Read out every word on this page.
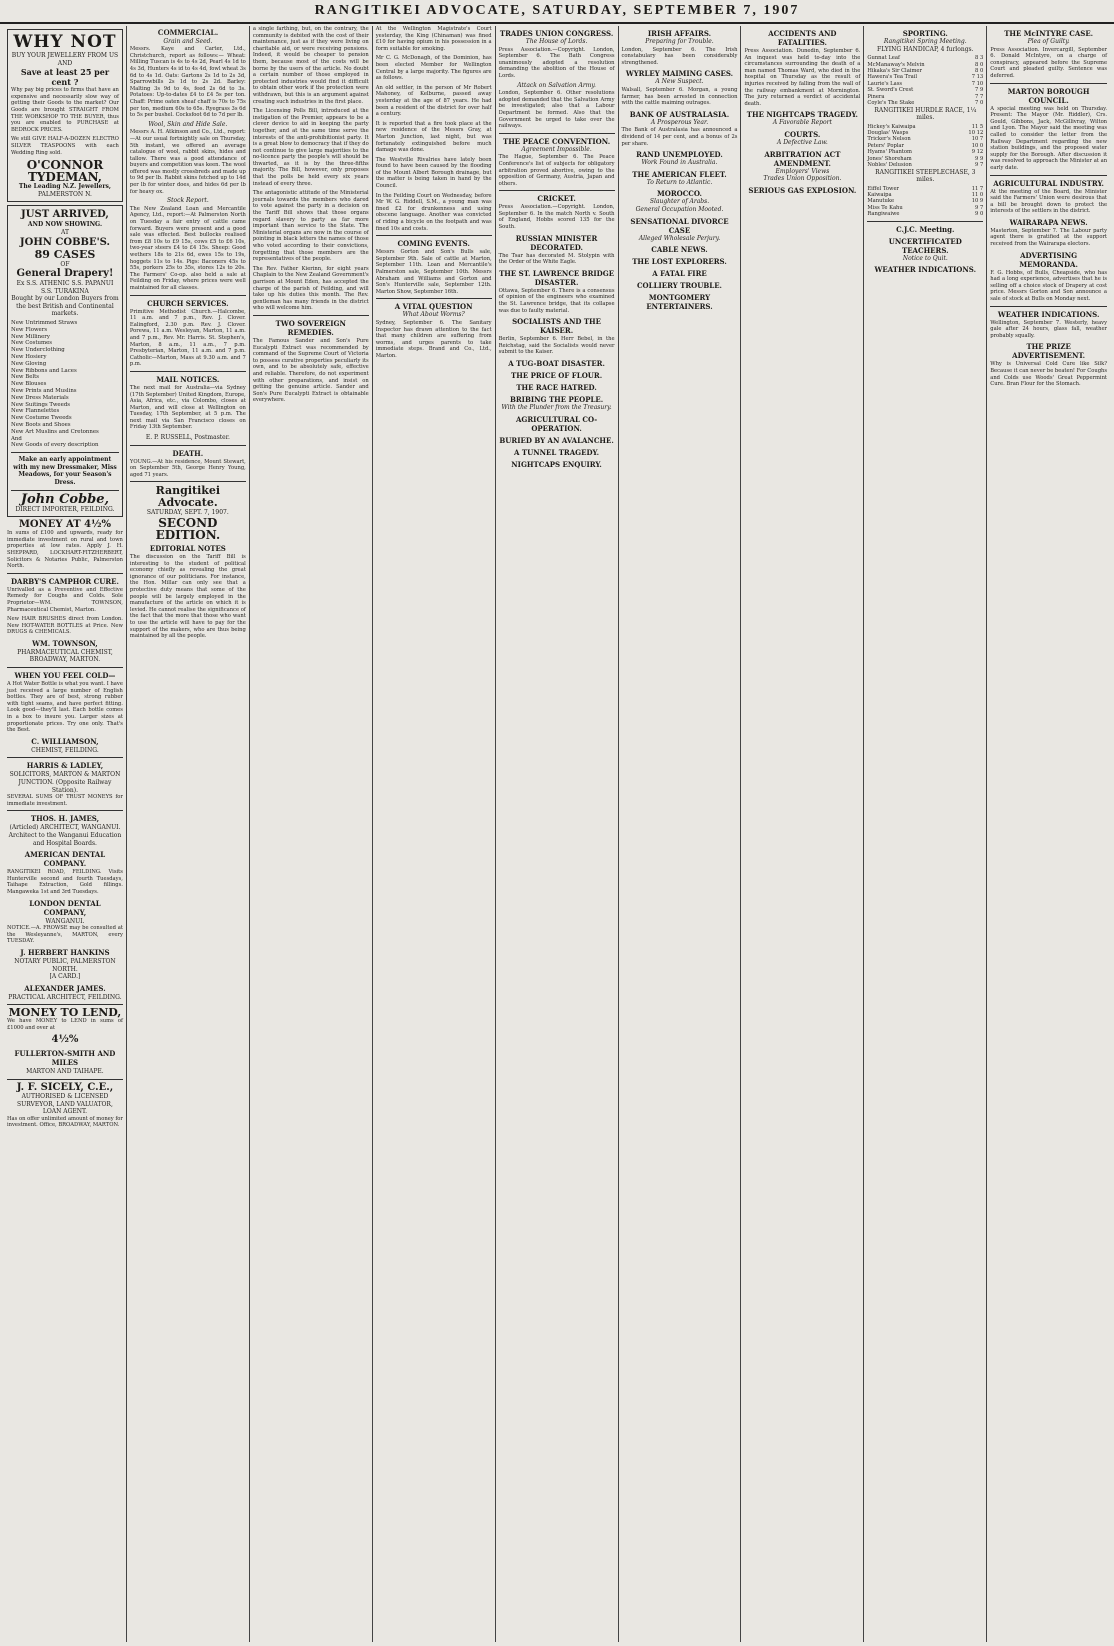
RANGITIKEI ADVOCATE, SATURDAY, SEPTEMBER 7, 1907
WHY NOT
BUY YOUR JEWELLERY FROM US AND
Save at least 25 per cent ?
Why pay big prices to firms that have an expensive and necessarily slow way of getting their Goods to the market? Our Goods are brought STRAIGHT FROM THE WORKSHOP TO THE BUYER, thus you are enabled to PURCHASE at BEDROCK PRICES.
We still GIVE HALF-A-DOZEN ELECTRO SILVER TEASPOONS with each Wedding Ring sold.
O'CONNOR
TYDEMAN,
The Leading N.Z. Jewellers,
PALMERSTON N.
JUST ARRIVED,
AND NOW SHOWING.
AT
JOHN COBBE'S.
89 CASES
OF
General Drapery!
Ex S.S. ATHENIC S.S. PAPANUI S.S. TURAKINA
Bought by our London Buyers from the best British and Continental markets.
New Untrimmed Straws
New Flowers
New Millinery
New Costumes
New Underclothing
New Hosiery
New Gloving
New Ribbons and Laces
New Belts
New Blouses
New Prints and Muslins
New Dress Materials
New Suitings Tweeds
New Flannelettes
New Costume Tweeds
New Boots and Shoes
New Art Muslins and Cretonnes
And
New Goods of every description
Make an early appointment with my new Dressmaker, Miss Meadows, for your Season's Dress.
John Cobbe,
DIRECT IMPORTER, FEILDING.
MONEY AT 4½%
In sums of £100 and upwards, ready for immediate investment on rural and town properties at low rates. Apply J. H. SHEPPARD, LOCKHART-FITZHERBERT, Solicitors & Notaries Public, Palmerston North.
DARBY'S CAMPHOR CURE.
Unrivalled as a Preventive and Effective Remedy for Coughs and Colds. Sole Proprietor—WM. TOWNSON, Pharmaceutical Chemist, Marton.
New HAIR BRUSHES direct from London. New HOT-WATER BOTTLES at Price. New DRUGS & CHEMICALS.
WM. TOWNSON,
PHARMACEUTICAL CHEMIST, BROADWAY, MARTON.
WHEN YOU FEEL COLD—
A Hot Water Bottle is what you want. I have just received a large number of English bottles. They are of best, strong rubber with tight seams, and have perfect fitting. Look good—they'll last. Each bottle comes in a box to insure you. Larger sizes at proportionate prices. Try one only. That's the Best.
C. WILLIAMSON,
CHEMIST, FEILDING.
HARRIS & LADLEY,
SOLICITORS, MARTON & MARTON JUNCTION. (Opposite Railway Station).
SEVERAL SUMS OF TRUST MONEYS for immediate investment.
THOS. H. JAMES,
(Articled) ARCHITECT, WANGANUI. Architect to the Wanganui Education and Hospital Boards.
AMERICAN DENTAL COMPANY.
RANGITIKEI ROAD, FEILDING. Visits Hunterville second and fourth Tuesdays, Taihape Extraction, Gold fillings. Mangaweka 1st and 3rd Tuesdays.
LONDON DENTAL COMPANY,
WANGANUI.
NOTICE.—A. FROWSE may be consulted at the Wesleyanne's, MARTON, every TUESDAY.
J. HERBERT HANKINS
NOTARY PUBLIC, PALMERSTON NORTH.
[A CARD.]
ALEXANDER JAMES.
PRACTICAL ARCHITECT, FEILDING.
MONEY TO LEND,
We have MONEY to LEND in sums of £1000 and over at
4½%
FULLERTON-SMITH AND MILES
MARTON AND TAIHAPE.
J. F. SICELY, C.E.,
AUTHORISED & LICENSED SURVEYOR, LAND VALUATOR, LOAN AGENT.
Has on offer unlimited amount of money for investment. Office, BROADWAY, MARTON.
COMMERCIAL.
Grain and Seed.
Messrs. Kaye and Carter, Ltd., Christchurch, report as follows:— Wheat: Milling Tuscan is 4s to 4s 2d, Pearl 4s 1d to 4s 3d, Hunters 4s id to 4s 4d, fowl wheat 3s 6d to 4s 1d. Oats: Gartons 2s 1d to 2s 3d, Sparrowbills 2s 1d to 2s 2d. Barley: Malting 3s 9d to 4s, feed 2s 6d to 3s. Potatoes: Up-to-dates £4 to £4 5s per ton. Chaff: Prime oaten sheaf chaff is 70s to 75s per ton, medium 60s to 65s. Ryegrass 3s 6d to 5s per bushel. Cocksfoot 6d to 7d per lb.
Wool, Skin and Hide Sale.
Messrs A. H. Atkinson and Co., Ltd., report:—At our usual fortnightly sale on Thursday, 5th instant, we offered an average catalogue of wool, rabbit skins, hides and tallow. There was a good attendance of buyers and competition was keen. The wool offered was mostly crossbreds and made up to 9d per lb. Rabbit skins fetched up to 14d per lb for winter does, and hides 6d per lb for heavy ox.
Stock Report.
The New Zealand Loan and Mercantile Agency, Ltd., report:—At Palmerston North on Tuesday a fair entry of cattle came forward. Buyers were present and a good sale was effected. Best bullocks realised from £8 10s to £9 15s, cows £5 to £6 10s, two-year steers £4 to £4 15s. Sheep: Good wethers 18s to 21s 6d, ewes 15s to 19s, hoggets 11s to 14s. Pigs: Baconers 45s to 55s, porkers 25s to 35s, stores 12s to 20s. The Farmers' Co-op. also held a sale at Feilding on Friday, where prices were well maintained for all classes.
CHURCH SERVICES.
Primitive Methodist Church.—Halcombe, 11 a.m. and 7 p.m., Rev. J. Clover. Ealingford, 2.30 p.m. Rev. J. Clover. Porewa, 11 a.m. Wesleyan, Marton, 11 a.m. and 7 p.m., Rev. Mr. Harris. St. Stephen's, Marton, 8 a.m., 11 a.m., 7 p.m. Presbyterian, Marton, 11 a.m. and 7 p.m. Catholic—Marton, Mass at 9.30 a.m. and 7 p.m.
MAIL NOTICES.
The next mail for Australia—via Sydney (17th September) United Kingdom, Europe, Asia, Africa, etc., via Colombo, closes at Marton, and will close at Wellington on Tuesday, 17th September, at 5 p.m. The next mail via San Francisco closes on Friday 13th September.
E. P. RUSSELL, Postmaster.
DEATH.
YOUNG.—At his residence, Mount Stewart, on September 5th, George Henry Young, aged 71 years.
Rangitikei Advocate.
SATURDAY, SEPT. 7, 1907.
SECOND EDITION.
EDITORIAL NOTES
The discussion on the Tariff Bill is interesting to the student of political economy chiefly as revealing the great ignorance of our politicians. For instance, the Hon. Millar can only see that a protective duty means that some of the people will be largely employed in the manufacture of the article on which it is levied. He cannot realise the significance of the fact that the more that those who want to use the article will have to pay for the support of the makers, who are thus being maintained by all the people.
a single farthing, but, on the contrary, the community is debited with the cost of their maintenance, just as if they were living on charitable aid, or were receiving pensions. Indeed, it would be cheaper to pension them, because most of the costs will be borne by the users of the article. No doubt a certain number of those employed in protected industries would find it difficult to obtain other work if the protection were withdrawn, but this is an argument against creating such industries in the first place.
The Licensing Polls Bill, introduced at the instigation of the Premier, appears to be a clever device to aid in keeping the party together, and at the same time serve the interests of the anti-prohibitionist party. It is a great blow to democracy that if they do not continue to give large majorities to the no-licence party the people's will should be thwarted, as it is by the three-fifths majority. The Bill, however, only proposes that the polls be held every six years instead of every three.
The antagonistic attitude of the Ministerial journals towards the members who dared to vote against the party in a decision on the Tariff Bill shows that those organs regard slavery to party as far more important than service to the State. The Ministerial organs are now in the course of pointing in black letters the names of those who voted according to their convictions, forgetting that those members are the representatives of the people.
The Rev. Father Kierinn, for eight years Chaplain to the New Zealand Government's garrison at Mount Eden, has accepted the charge of the parish of Feilding, and will take up his duties this month. The Rev. gentleman has many friends in the district who will welcome him.
TWO SOVEREIGN REMEDIES.
The Famous Sander and Son's Pure Eucalypti Extract was recommended by command of the Supreme Court of Victoria to possess curative properties peculiarly its own, and to be absolutely safe, effective and reliable. Therefore, do not experiment with other preparations, and insist on getting the genuine article. Sander and Son's Pure Eucalypti Extract is obtainable everywhere.
At the Wellington Magistrate's Court yesterday, the King (Chinaman) was fined £10 for having opium in his possession in a form suitable for smoking.
Mr C. G. McDonagh, of the Dominion, has been elected Member for Wellington Central by a large majority. The figures are as follows.
An old settler, in the person of Mr Robert Mahoney, of Kelburne, passed away yesterday at the age of 87 years. He had been a resident of the district for over half a century.
It is reported that a fire took place at the new residence of the Messrs Gray, at Marton Junction, last night, but was fortunately extinguished before much damage was done.
The Westville Rivalries have lately been found to have been caused by the flooding of the Mount Albert Borough drainage, but the matter is being taken in hand by the Council.
In the Feilding Court on Wednesday, before Mr W. G. Riddell, S.M., a young man was fined £2 for drunkenness and using obscene language. Another was convicted of riding a bicycle on the footpath and was fined 10s and costs.
COMING EVENTS.
Messrs Gorton and Son's Bulls sale, September 9th. Sale of cattle at Marton, September 11th. Loan and Mercantile's Palmerston sale, September 10th. Messrs Abraham and Williams and Gorton and Son's Hunterville sale, September 12th. Marton Show, September 16th.
A VITAL QUESTION
What About Worms?
Sydney, September 6. The Sanitary Inspector has drawn attention to the fact that many children are suffering from worms, and urges parents to take immediate steps. Brand and Co., Ltd., Marton.
TRADES UNION CONGRESS.
The House of Lords.
Press Association.—Copyright. London, September 6. The Bath Congress unanimously adopted a resolution demanding the abolition of the House of Lords.
Attack on Salvation Army.
London, September 6. Other resolutions adopted demanded that the Salvation Army be investigated; also that a Labour Department be formed. Also that the Government be urged to take over the railways.
THE PEACE CONVENTION.
Agreement Impossible.
The Hague, September 6. The Peace Conference's list of subjects for obligatory arbitration proved abortive, owing to the opposition of Germany, Austria, Japan and others.
CRICKET.
Press Association.—Copyright. London, September 6. In the match North v. South of England, Hobbs scored 135 for the South.
RUSSIAN MINISTER DECORATED.
The Tsar has decorated M. Stolypin with the Order of the White Eagle.
THE ST. LAWRENCE BRIDGE DISASTER.
Ottawa, September 6. There is a consensus of opinion of the engineers who examined the St. Lawrence bridge, that its collapse was due to faulty material.
SOCIALISTS AND THE KAISER.
Berlin, September 6. Herr Bebel, in the Reichstag, said the Socialists would never submit to the Kaiser.
A TUG-BOAT DISASTER.
THE PRICE OF FLOUR.
THE RACE HATRED.
BRIBING THE PEOPLE.
With the Plunder from the Treasury.
AGRICULTURAL CO-OPERATION.
BURIED BY AN AVALANCHE.
A TUNNEL TRAGEDY.
NIGHTCAPS ENQUIRY.
IRISH AFFAIRS.
Preparing for Trouble.
London, September 6. The Irish constabulary has been considerably strengthened.
WYRLEY MAIMING CASES.
A New Suspect.
Walsall, September 6. Morgan, a young farmer, has been arrested in connection with the cattle maiming outrages.
BANK OF AUSTRALASIA.
A Prosperous Year.
The Bank of Australasia has announced a dividend of 14 per cent, and a bonus of 2s per share.
RAND UNEMPLOYED.
Work Found in Australia.
THE AMERICAN FLEET.
To Return to Atlantic.
MOROCCO.
Slaughter of Arabs.
General Occupation Mooted.
SENSATIONAL DIVORCE CASE
Alleged Wholesale Perjury.
CABLE NEWS.
THE LOST EXPLORERS.
A FATAL FIRE
COLLIERY TROUBLE.
MONTGOMERY ENTERTAINERS.
ACCIDENTS AND FATALITIES.
Press Association. Dunedin, September 6. An inquest was held to-day into the circumstances surrounding the death of a man named Thomas Ward, who died in the hospital on Thursday as the result of injuries received by falling from the wall of the railway embankment at Mornington. The jury returned a verdict of accidental death.
THE NIGHTCAPS TRAGEDY.
A Favorable Report
COURTS.
A Defective Law.
ARBITRATION ACT AMENDMENT.
Employers' Views
Trades Union Opposition.
SERIOUS GAS EXPLOSION.
SPORTING.
Rangitikei Spring Meeting.
FLYING HANDICAP, 4 furlongs.
Gunnat Leaf	8 3
McManaway's Melvin	8 0
Hikaka's Sir Claimer	8 0
Hawera's Tea Trail	7 13
Laurie's Lass	7 10
St. Sword's Crest	7 9
Pinera	7 7
Coyle's The Stake	7 0
RANGITIKEI HURDLE RACE, 1¼ miles.
Hickey's Kaiwaipa	11 5
Douglas' Wasps	10 12
Tricker's Nelson	10 7
Peters' Poplar	10 0
Hyams' Phantom	9 12
Jones' Shoreham	9 9
Nobles' Delusion	9 7
RANGITIKEI STEEPLECHASE, 3 miles.
Eiffel Tower	11 7
Kaiwaipa	11 0
Manutuke	10 9
Miss Te Kahu	9 7
Rangiwaiwe	9 0
C.J.C. Meeting.
UNCERTIFICATED TEACHERS.
Notice to Quit.
WEATHER INDICATIONS.
THE McINTYRE CASE.
Plea of Guilty.
Press Association. Invercargill, September 6. Donald McIntyre, on a charge of conspiracy, appeared before the Supreme Court and pleaded guilty. Sentence was deferred.
MARTON BOROUGH COUNCIL.
A special meeting was held on Thursday. Present: The Mayor (Mr. Riddler), Crs. Gould, Gibbons, Jack, McGillivray, Wilton and Lyon. The Mayor said the meeting was called to consider the letter from the Railway Department regarding the new station buildings, and the proposed water supply for the Borough. After discussion it was resolved to approach the Minister at an early date.
AGRICULTURAL INDUSTRY.
At the meeting of the Board, the Minister said the Farmers' Union were desirous that a bill be brought down to protect the interests of the settlers in the district.
WAIRARAPA NEWS.
Masterton, September 7. The Labour party agent there is gratified at the support received from the Wairarapa electors.
ADVERTISING MEMORANDA.
F. G. Hobbs, of Bulls, Cheapside, who has had a long experience, advertises that he is selling off a choice stock of Drapery at cost price. Messrs Gorton and Son announce a sale of stock at Bulls on Monday next.
WEATHER INDICATIONS.
Wellington, September 7. Westerly, heavy gale after 24 hours, glass fall, weather probably squally.
THE PRIZE ADVERTISEMENT.
Why is Universal Cold Cure like Silk? Because it can never be beaten! For Coughs and Colds use Woods' Great Peppermint Cure. Bran Flour for the Stomach.
